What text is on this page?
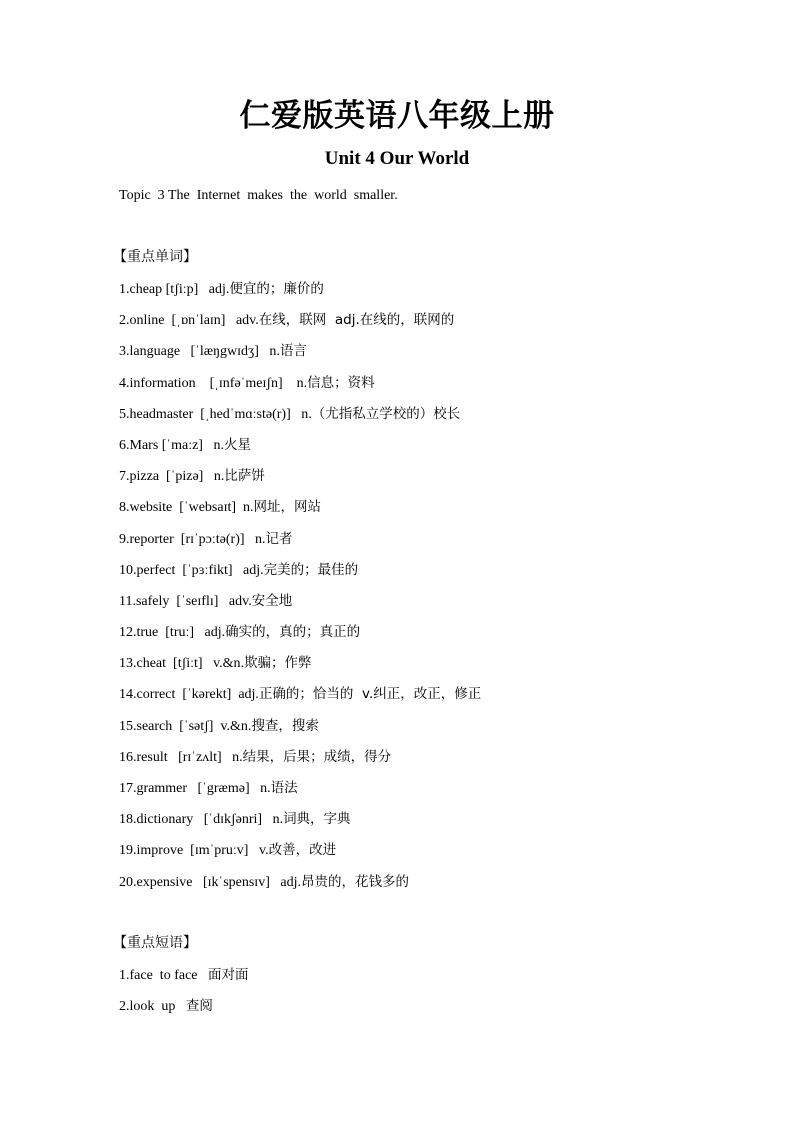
仁爱版英语八年级上册
Unit 4 Our World
Topic  3 The  Internet  makes  the  world  smaller.
【重点单词】
1.cheap [tʃiːp]   adj.便宜的；廉价的
2.online  [ˌɒnˈlaɪn]   adv.在线，联网  adj.在线的，联网的
3.language   [ˈlæŋgwɪdʒ]   n.语言
4.information    [ˌɪnfəˈmeɪʃn]    n.信息；资料
5.headmaster  [ˌhedˈmɑːstə(r)]   n.（尤指私立学校的）校长
6.Mars [ˈmaːz]   n.火星
7.pizza  [ˈpizə]   n.比萨饼
8.website  [ˈwebsaɪt]  n.网址，网站
9.reporter  [rɪˈpɔːtə(r)]   n.记者
10.perfect  [ˈpɜːfikt]   adj.完美的；最佳的
11.safely  [ˈseɪflɪ]   adv.安全地
12.true  [truː]   adj.确实的，真的；真正的
13.cheat  [tʃiːt]   v.&n.欺骗；作弊
14.correct  [ˈkərekt]  adj.正确的；恰当的  v.纠正，改正，修正
15.search  [ˈsətʃ]  v.&n.搜查，搜索
16.result   [rɪˈzʌlt]   n.结果，后果；成绩，得分
17.grammer   [ˈgræmə]   n.语法
18.dictionary   [ˈdɪkʃənri]   n.词典，字典
19.improve  [ɪmˈpruːv]   v.改善，改进
20.expensive   [ɪkˈspensɪv]   adj.昂贵的，花钱多的
【重点短语】
1.face  to face   面对面
2.look  up   查阅
